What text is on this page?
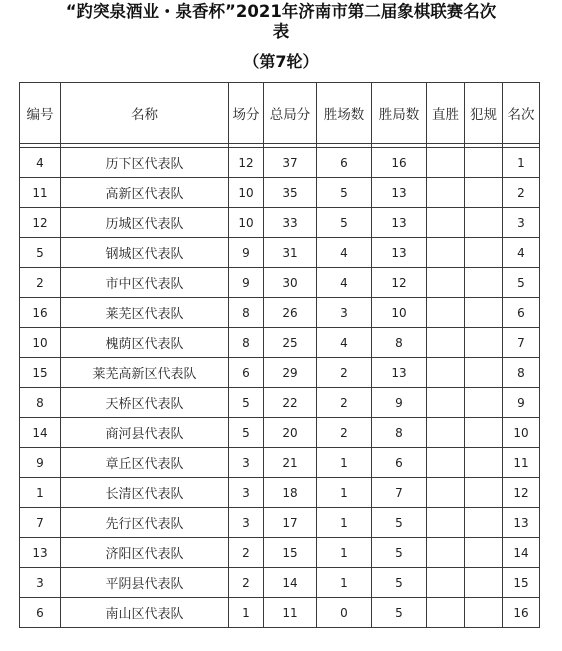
“趵突泉酒业・泉香杯”2021年济南市第二届象棋联赛名次
表
（第7轮）
编号	名称	场分	总局分	胜场数	胜局数	直胜	犯规	名次

4	历下区代表队	12	37	6	16			1
11	高新区代表队	10	35	5	13			2
12	历城区代表队	10	33	5	13			3
5	钢城区代表队	9	31	4	13			4
2	市中区代表队	9	30	4	12			5
16	莱芜区代表队	8	26	3	10			6
10	槐荫区代表队	8	25	4	8			7
15	莱芜高新区代表队	6	29	2	13			8
8	天桥区代表队	5	22	2	9			9
14	商河县代表队	5	20	2	8			10
9	章丘区代表队	3	21	1	6			11
1	长清区代表队	3	18	1	7			12
7	先行区代表队	3	17	1	5			13
13	济阳区代表队	2	15	1	5			14
3	平阴县代表队	2	14	1	5			15
6	南山区代表队	1	11	0	5			16
